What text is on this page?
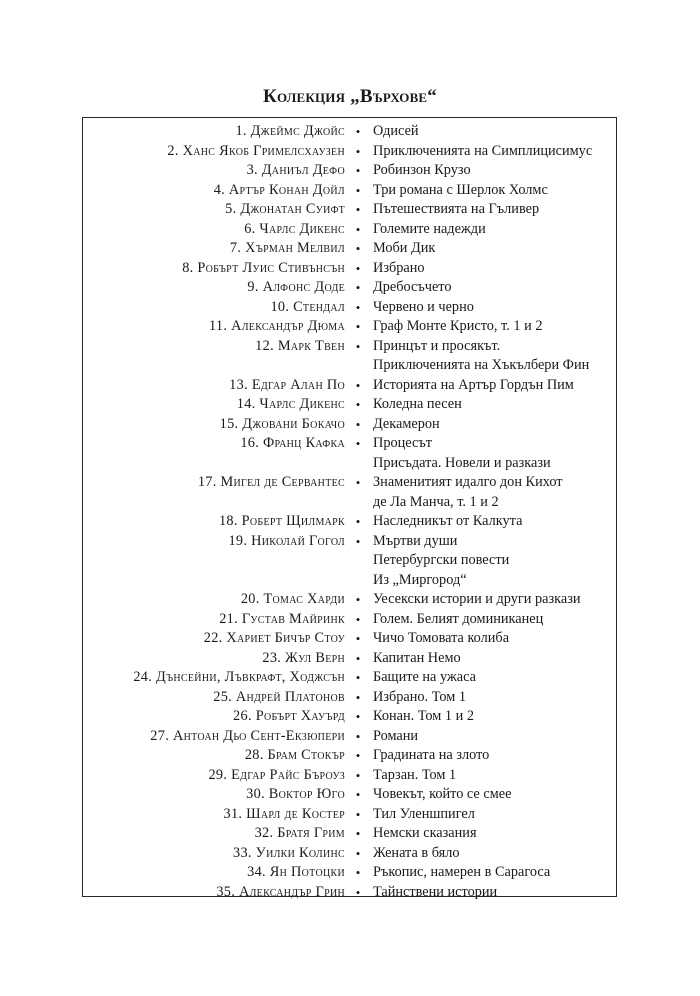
Колекция „Върхове“
1. Джеймс Джойс • Одисей
2. Ханс Якоб Гримелсхаузен • Приключенията на Симплицисимус
3. Даниъл Дефо • Робинзон Крузо
4. Артър Конан Дойл • Три романа с Шерлок Холмс
5. Джонатан Суифт • Пътешествията на Гъливер
6. Чарлс Дикенс • Големите надежди
7. Хърман Мелвил • Моби Дик
8. Робърт Луис Стивънсън • Избрано
9. Алфонс Доде • Дребосъчето
10. Стендал • Червено и черно
11. Александър Дюма • Граф Монте Кристо, т. 1 и 2
12. Марк Твен • Принцът и просякът.
Приключенията на Хъкълбери Фин
13. Едгар Алан По • Историята на Артър Гордън Пим
14. Чарлс Дикенс • Коледна песен
15. Джовани Бокачо • Декамерон
16. Франц Кафка • Процесът
Присъдата. Новели и разкази
17. Мигел де Сервантес • Знаменитият идалго дон Кихот
де Ла Манча, т. 1 и 2
18. Роберт Щилмарк • Наследникът от Калкута
19. Николай Гогол • Мъртви души
Петербургски повести
Из „Миргород“
20. Томас Харди • Уесекски истории и други разкази
21. Густав Майринк • Голем. Белият доминиканец
22. Хариет Бичър Стоу • Чичо Томовата колиба
23. Жул Верн • Капитан Немо
24. Дънсейни, Лъвкрафт, Ходжсън • Бащите на ужаса
25. Андрей Платонов • Избрано. Том 1
26. Робърт Хауърд • Конан. Том 1 и 2
27. Антоан Дьо Сент-Екзюпери • Романи
28. Брам Стокър • Градината на злото
29. Едгар Райс Бъроуз • Тарзан. Том 1
30. Воктор Юго • Човекът, който се смее
31. Шарл де Костер • Тил Уленшпигел
32. Братя Грим • Немски сказания
33. Уилки Колинс • Жената в бяло
34. Ян Потоцки • Ръкопис, намерен в Сарагоса
35. Александър Грин • Тайнствени истории
